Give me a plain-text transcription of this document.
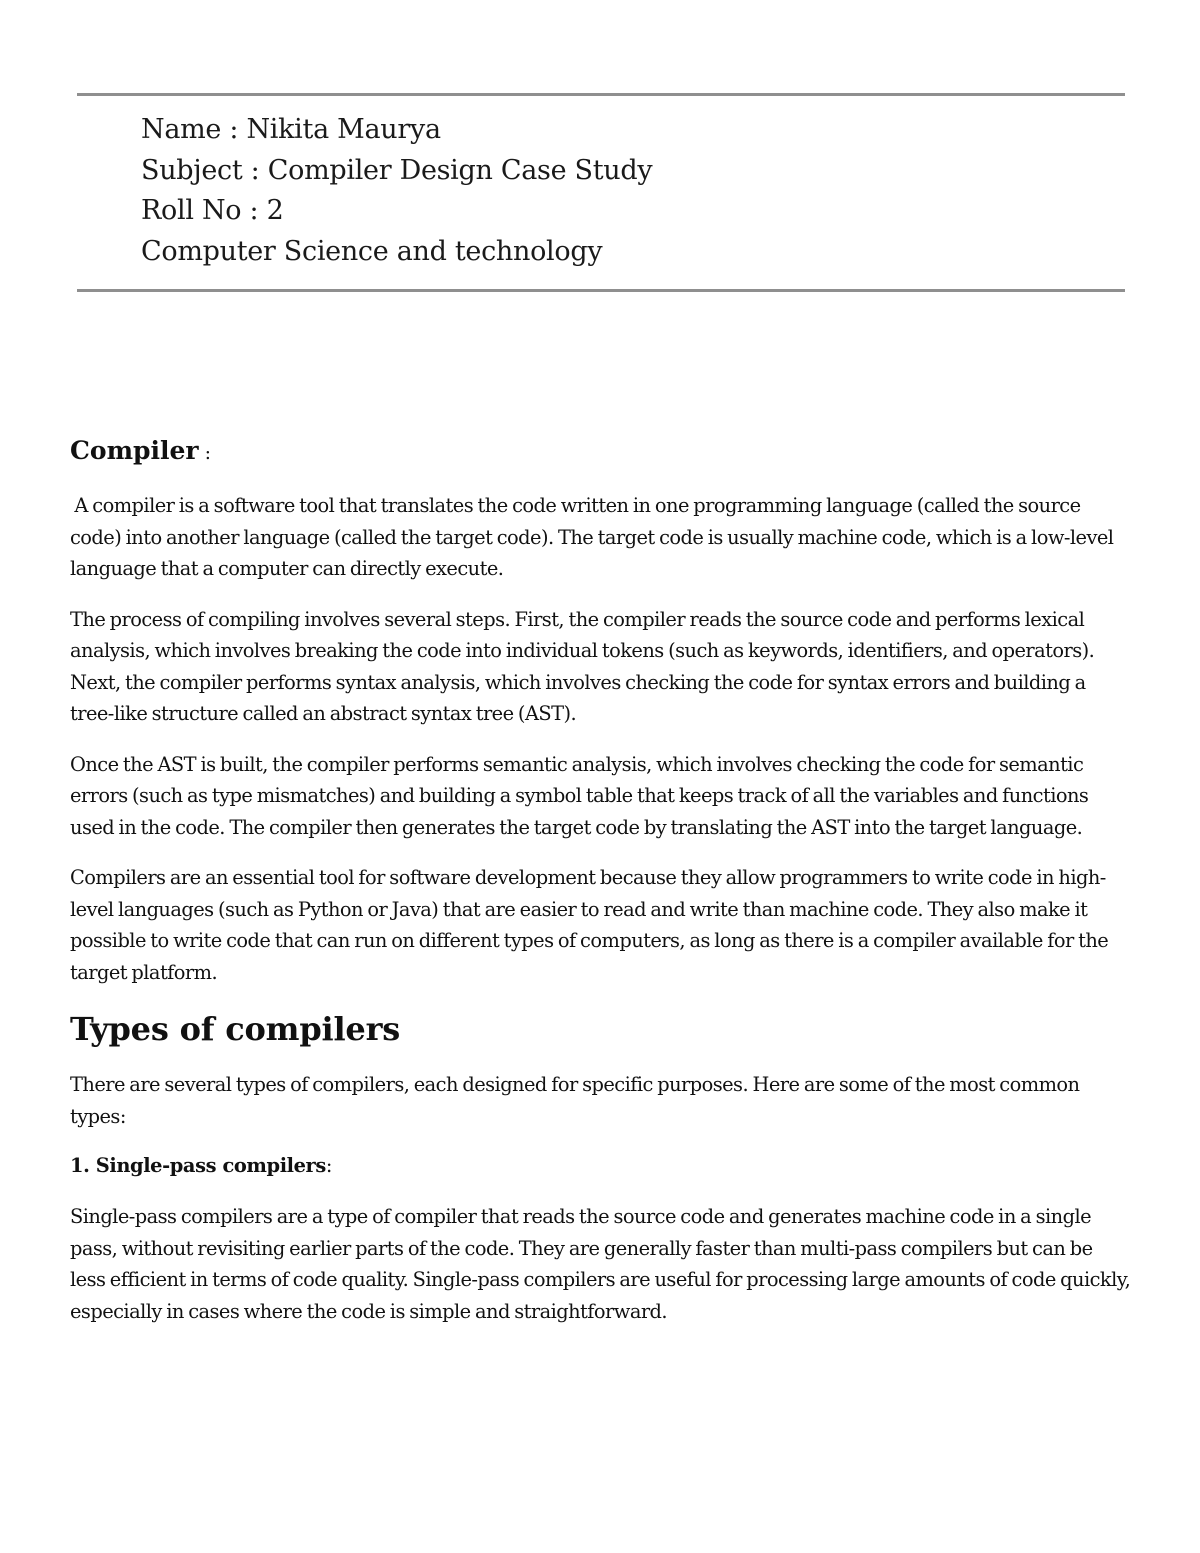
Name : Nikita Maurya
Subject : Compiler Design Case Study
Roll No : 2
Computer Science and technology
Compiler :

A compiler is a software tool that translates the code written in one programming language (called the source code) into another language (called the target code). The target code is usually machine code, which is a low-level language that a computer can directly execute.

The process of compiling involves several steps. First, the compiler reads the source code and performs lexical analysis, which involves breaking the code into individual tokens (such as keywords, identifiers, and operators). Next, the compiler performs syntax analysis, which involves checking the code for syntax errors and building a tree-like structure called an abstract syntax tree (AST).

Once the AST is built, the compiler performs semantic analysis, which involves checking the code for semantic errors (such as type mismatches) and building a symbol table that keeps track of all the variables and functions used in the code. The compiler then generates the target code by translating the AST into the target language.

Compilers are an essential tool for software development because they allow programmers to write code in high-level languages (such as Python or Java) that are easier to read and write than machine code. They also make it possible to write code that can run on different types of computers, as long as there is a compiler available for the target platform.

Types of compilers

There are several types of compilers, each designed for specific purposes. Here are some of the most common types:

1. Single-pass compilers:

Single-pass compilers are a type of compiler that reads the source code and generates machine code in a single pass, without revisiting earlier parts of the code. They are generally faster than multi-pass compilers but can be less efficient in terms of code quality. Single-pass compilers are useful for processing large amounts of code quickly, especially in cases where the code is simple and straightforward.
